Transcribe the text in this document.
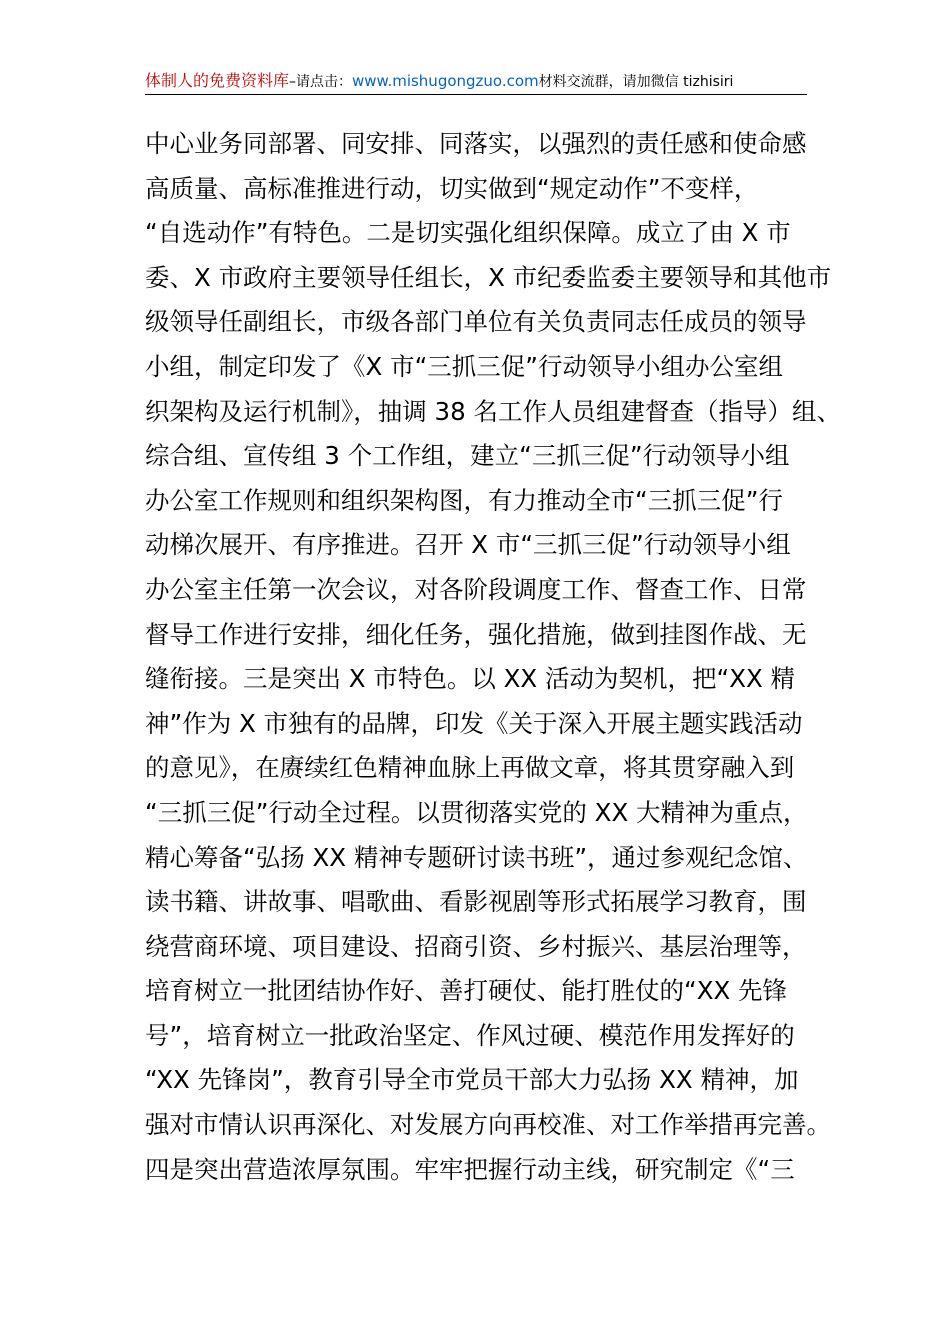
体制人的免费资料库–请点击：www.mishugongzuo.com材料交流群，请加微信 tizhisiri
中心业务同部署、同安排、同落实，以强烈的责任感和使命感
高质量、高标准推进行动，切实做到“规定动作”不变样，
“自选动作”有特色。二是切实强化组织保障。成立了由 X 市
委、X 市政府主要领导任组长，X 市纪委监委主要领导和其他市
级领导任副组长，市级各部门单位有关负责同志任成员的领导
小组，制定印发了《X 市“三抓三促”行动领导小组办公室组
织架构及运行机制》，抽调 38 名工作人员组建督查（指导）组、
综合组、宣传组 3 个工作组，建立“三抓三促”行动领导小组
办公室工作规则和组织架构图，有力推动全市“三抓三促”行
动梯次展开、有序推进。召开 X 市“三抓三促”行动领导小组
办公室主任第一次会议，对各阶段调度工作、督查工作、日常
督导工作进行安排，细化任务，强化措施，做到挂图作战、无
缝衔接。三是突出 X 市特色。以 XX 活动为契机，把“XX 精
神”作为 X 市独有的品牌，印发《关于深入开展主题实践活动
的意见》，在赓续红色精神血脉上再做文章，将其贯穿融入到
“三抓三促”行动全过程。以贯彻落实党的 XX 大精神为重点，
精心筹备“弘扬 XX 精神专题研讨读书班”，通过参观纪念馆、
读书籍、讲故事、唱歌曲、看影视剧等形式拓展学习教育，围
绕营商环境、项目建设、招商引资、乡村振兴、基层治理等，
培育树立一批团结协作好、善打硬仗、能打胜仗的“XX 先锋
号”，培育树立一批政治坚定、作风过硬、模范作用发挥好的
“XX 先锋岗”，教育引导全市党员干部大力弘扬 XX 精神，加
强对市情认识再深化、对发展方向再校准、对工作举措再完善。
四是突出营造浓厚氛围。牢牢把握行动主线，研究制定《“三
